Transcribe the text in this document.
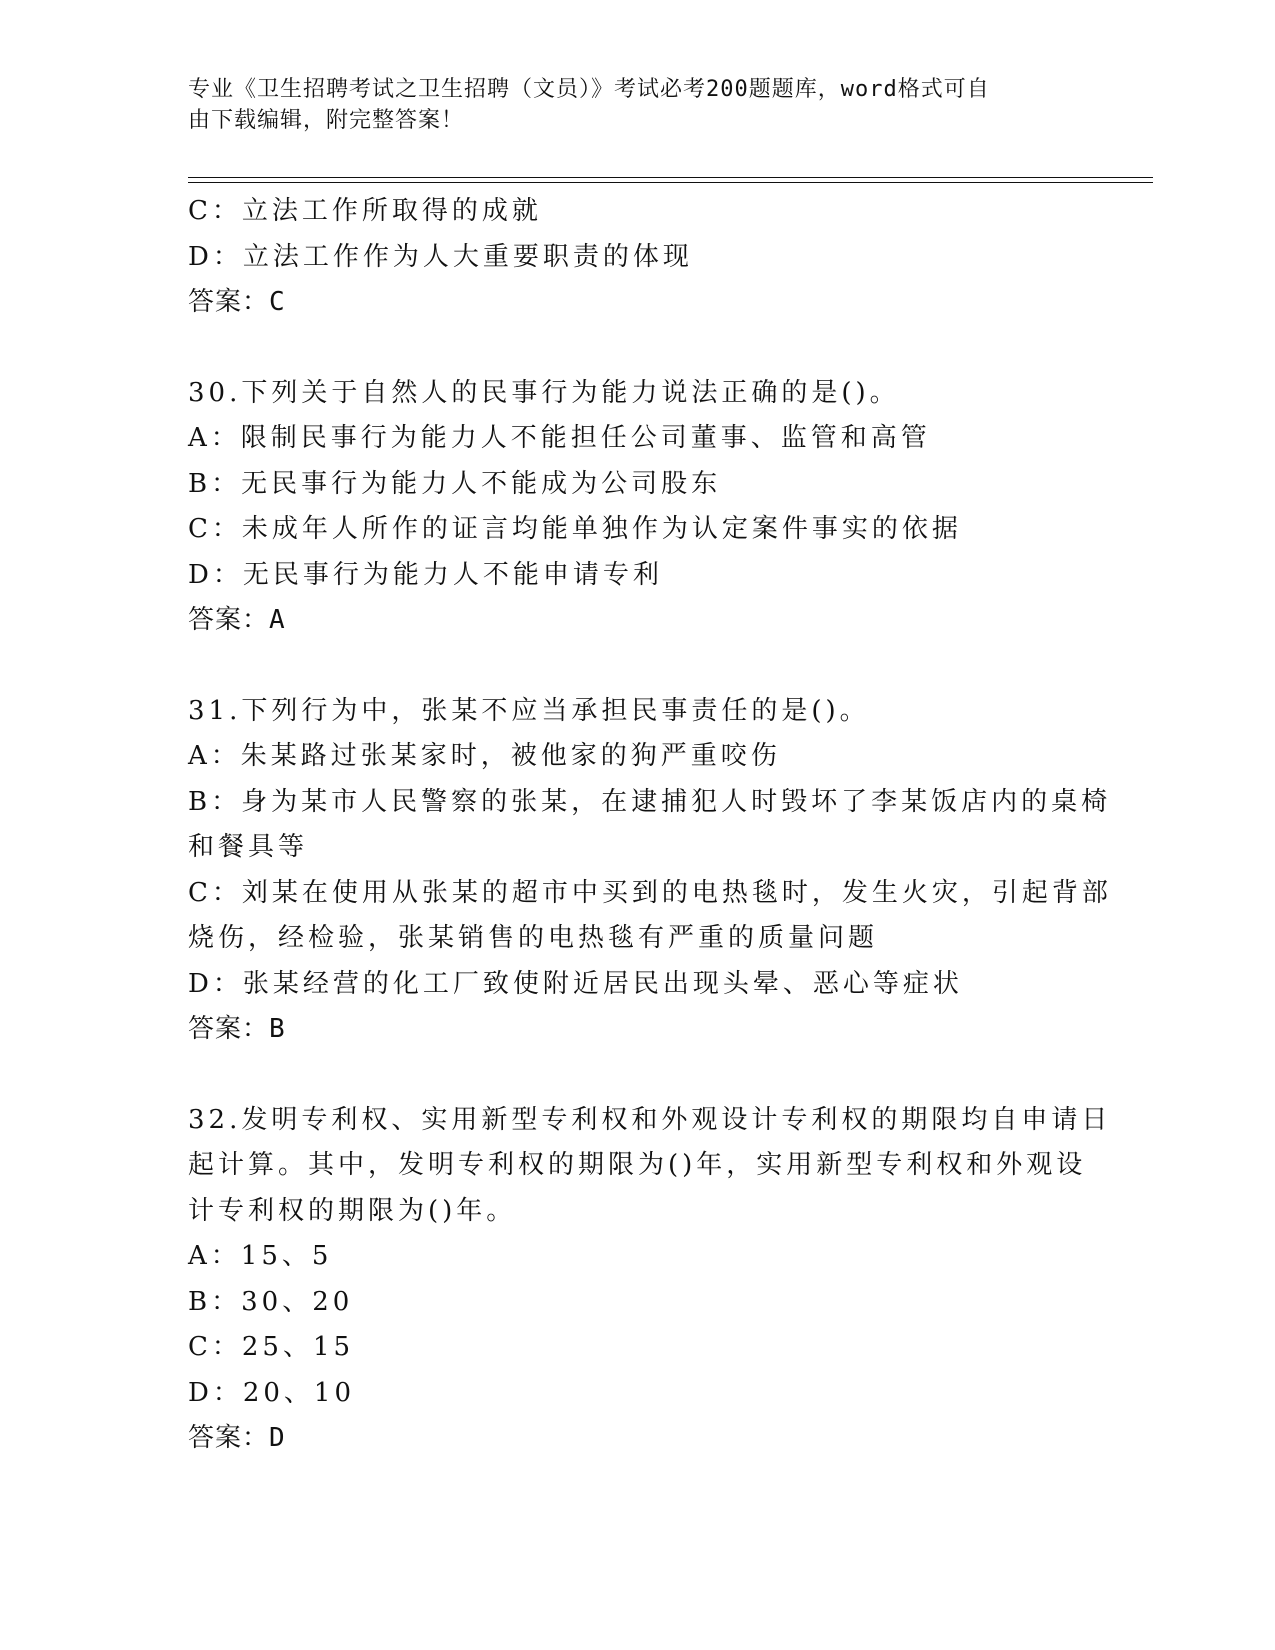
专业《卫生招聘考试之卫生招聘（文员）》考试必考200题题库，word格式可自
由下载编辑，附完整答案！
C：立法工作所取得的成就
D：立法工作作为人大重要职责的体现
答案：C
30.下列关于自然人的民事行为能力说法正确的是()。
A：限制民事行为能力人不能担任公司董事、监管和高管
B：无民事行为能力人不能成为公司股东
C：未成年人所作的证言均能单独作为认定案件事实的依据
D：无民事行为能力人不能申请专利
答案：A
31.下列行为中，张某不应当承担民事责任的是()。
A：朱某路过张某家时，被他家的狗严重咬伤
B：身为某市人民警察的张某，在逮捕犯人时毁坏了李某饭店内的桌椅
和餐具等
C：刘某在使用从张某的超市中买到的电热毯时，发生火灾，引起背部
烧伤，经检验，张某销售的电热毯有严重的质量问题
D：张某经营的化工厂致使附近居民出现头晕、恶心等症状
答案：B
32.发明专利权、实用新型专利权和外观设计专利权的期限均自申请日
起计算。其中，发明专利权的期限为()年，实用新型专利权和外观设
计专利权的期限为()年。
A：15、5
B：30、20
C：25、15
D：20、10
答案：D
